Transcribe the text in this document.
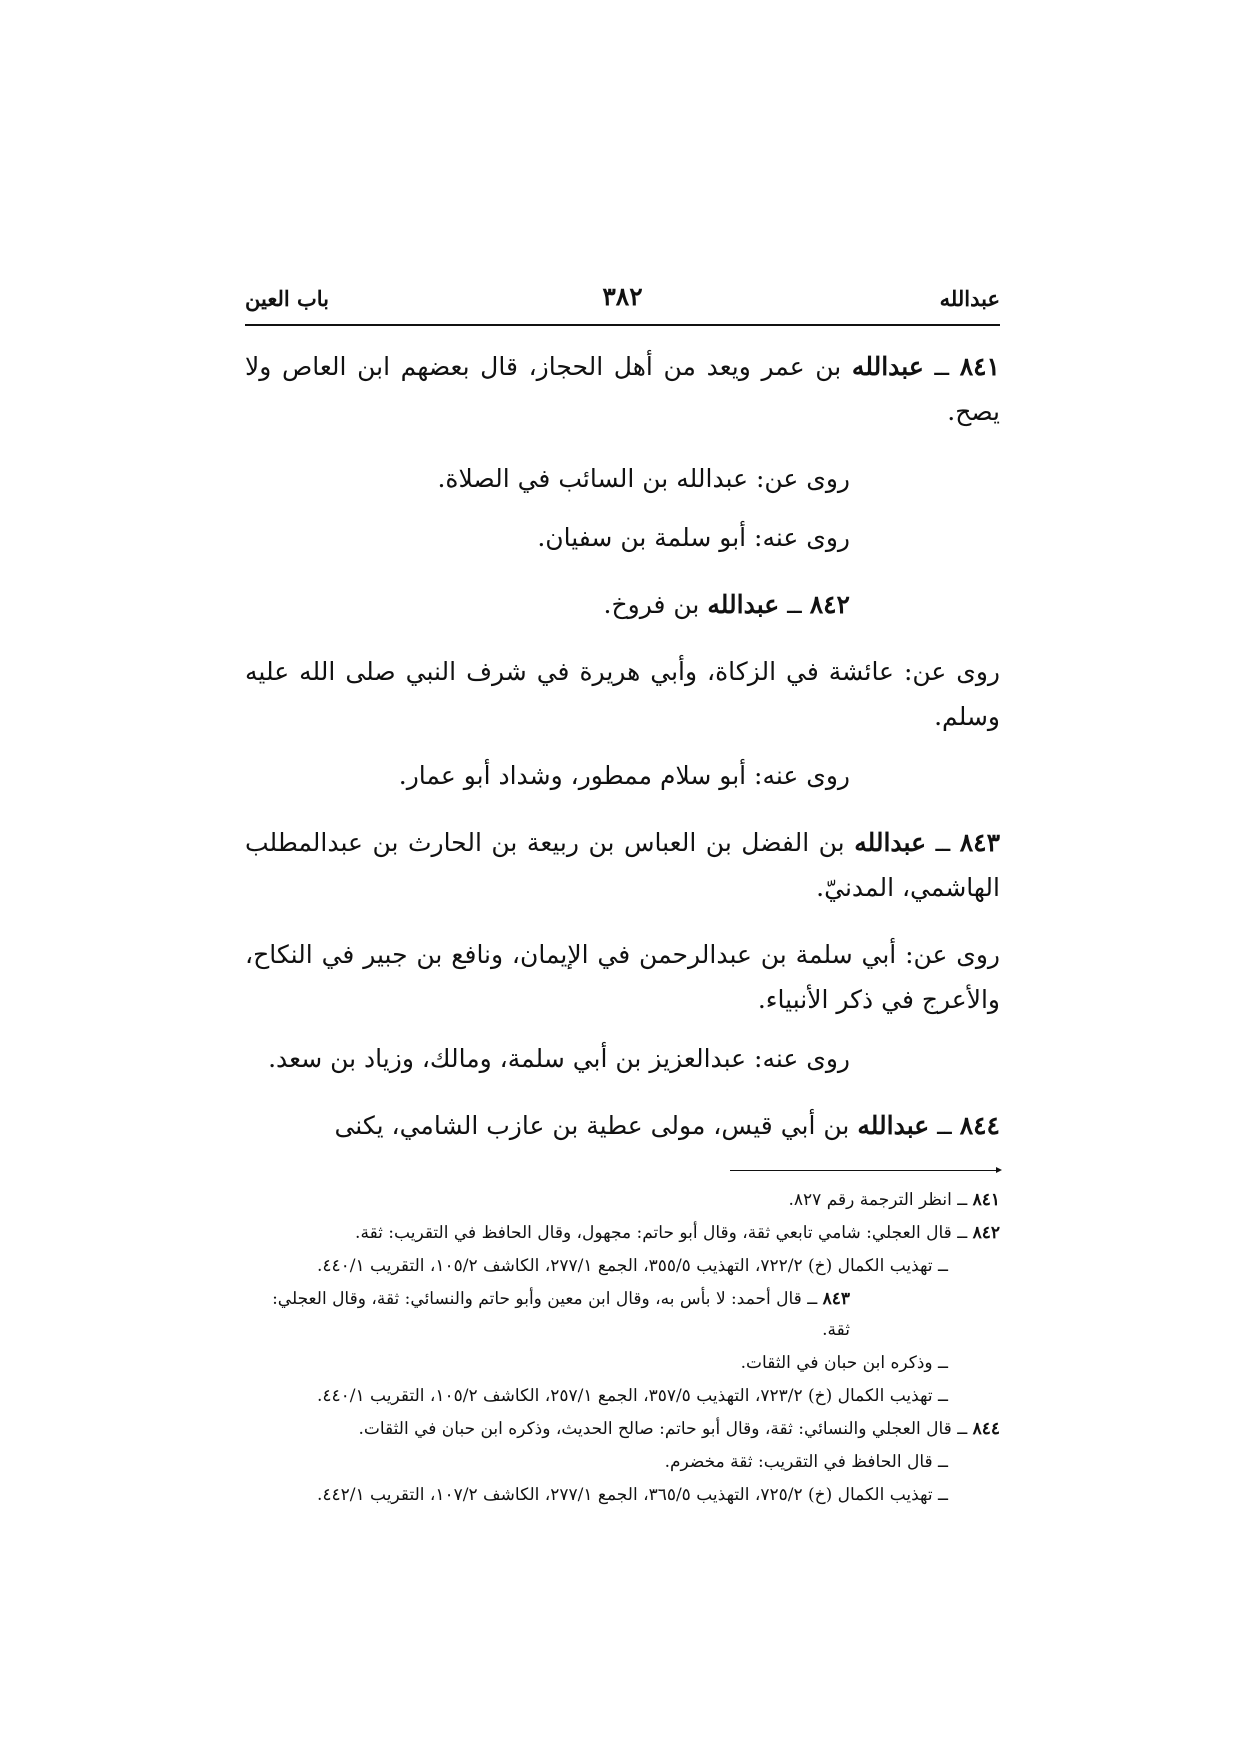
عبدالله
٣٨٢
باب العين

٨٤١ ــ عبدالله بن عمر ويعد من أهل الحجاز، قال بعضهم ابن العاص ولا يصح.

روى عن: عبدالله بن السائب في الصلاة.

روى عنه: أبو سلمة بن سفيان.

٨٤٢ ــ عبدالله بن فروخ.

روى عن: عائشة في الزكاة، وأبي هريرة في شرف النبي صلى الله عليه وسلم.

روى عنه: أبو سلام ممطور، وشداد أبو عمار.

٨٤٣ ــ عبدالله بن الفضل بن العباس بن ربيعة بن الحارث بن عبدالمطلب الهاشمي، المدنيّ.

روى عن: أبي سلمة بن عبدالرحمن في الإيمان، ونافع بن جبير في النكاح، والأعرج في ذكر الأنبياء.

روى عنه: عبدالعزيز بن أبي سلمة، ومالك، وزياد بن سعد.

٨٤٤ ــ عبدالله بن أبي قيس، مولى عطية بن عازب الشامي، يكنى

٨٤١ ــ انظر الترجمة رقم ٨٢٧.

٨٤٢ ــ قال العجلي: شامي تابعي ثقة، وقال أبو حاتم: مجهول، وقال الحافظ في التقريب: ثقة.

ــ تهذيب الكمال (خ) ٧٢٢/٢، التهذيب ٣٥٥/٥، الجمع ٢٧٧/١، الكاشف ١٠٥/٢، التقريب ٤٤٠/١.

٨٤٣ ــ قال أحمد: لا بأس به، وقال ابن معين وأبو حاتم والنسائي: ثقة، وقال العجلي: ثقة.

ــ وذكره ابن حبان في الثقات.

ــ تهذيب الكمال (خ) ٧٢٣/٢، التهذيب ٣٥٧/٥، الجمع ٢٥٧/١، الكاشف ١٠٥/٢، التقريب ٤٤٠/١.

٨٤٤ ــ قال العجلي والنسائي: ثقة، وقال أبو حاتم: صالح الحديث، وذكره ابن حبان في الثقات.

ــ قال الحافظ في التقريب: ثقة مخضرم.

ــ تهذيب الكمال (خ) ٧٢٥/٢، التهذيب ٣٦٥/٥، الجمع ٢٧٧/١، الكاشف ١٠٧/٢، التقريب ٤٤٢/١.
